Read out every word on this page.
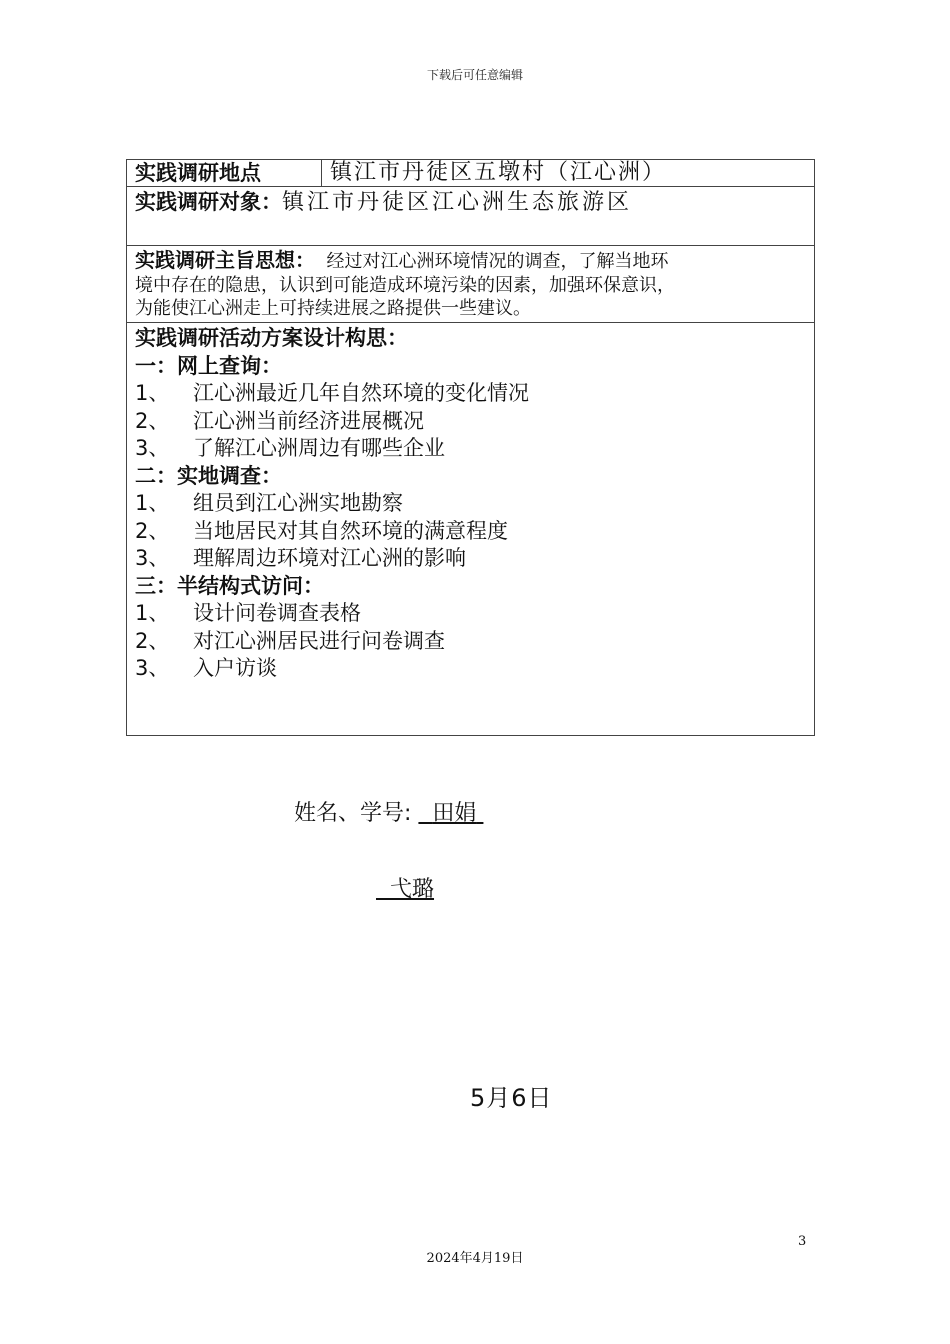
下载后可任意编辑
实践调研地点	镇江市丹徒区五墩村（江心洲）
实践调研对象：镇江市丹徒区江心洲生态旅游区

实践调研主旨思想： 经过对江心洲环境情况的调查，了解当地环
境中存在的隐患，认识到可能造成环境污染的因素，加强环保意识，
为能使江心洲走上可持续进展之路提供一些建议。

实践调研活动方案设计构思：
一：网上查询：
1、 江心洲最近几年自然环境的变化情况
2、 江心洲当前经济进展概况
3、 了解江心洲周边有哪些企业
二：实地调查：
1、 组员到江心洲实地勘察
2、 当地居民对其自然环境的满意程度
3、 理解周边环境对江心洲的影响
三：半结构式访问：
1、 设计问卷调查表格
2、 对江心洲居民进行问卷调查
3、 入户访谈
姓名、学号: 田娟
弋璐
5月6日
3
2024年4月19日
